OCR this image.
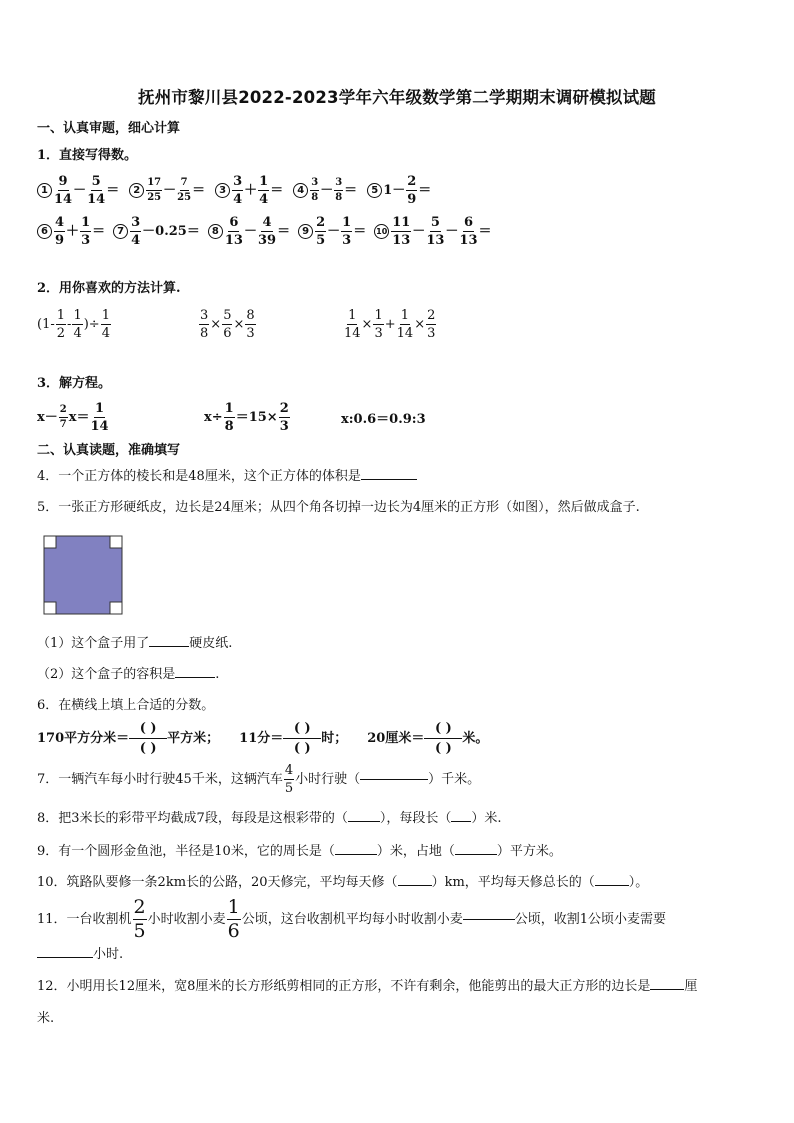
抚州市黎川县2022-2023学年六年级数学第二学期期末调研模拟试题
一、认真审题，细心计算
1．直接写得数。
1
9
14
－
5
14
＝	2
17
25 －
7
25 ＝	3
3
4
＋
1
4
＝	4
3
8 －
3
8 ＝	5 1－
2
9
＝
6
4
9
＋
1
3
＝	7
3
4
－0.25 ＝	8
6
13
－
4
39
＝	9
2
5
－
1
3
＝ 10
11
13
－
5
13
－
6
13
＝
2．用你喜欢的方法计算.
(1-
1
2
-
1
4
)÷ $\frac{1}{4}$	$\frac{3}{8} \times \frac{5}{6} \times \frac{8}{3}$	$\frac{1}{14} \times \frac{1}{3} + \frac{1}{14} \times \frac{2}{3}$
3．解方程。
x－
2
7 x＝
1
14
$x\div \frac{1}{8} =15\times \frac{2}{3}$	x:0.6＝0.9:3
二、认真读题，准确填写
4．一个正方体的棱长和是48厘米，这个正方体的体积是
5．一张正方形硬纸皮，边长是24厘米；从四个角各切掉一边长为4厘米的正方形（如图），然后做成盒子.
（1）这个盒子用了	硬皮纸.
（2）这个盒子的容积是	.
6．在横线上填上合适的分数。
170平方分米＝
( )
( )
平方米； 11分＝
( )
( )
时； 20厘米＝
( )
( )
米。
7．一辆汽车每小时行驶45千米，这辆汽车
4
5
小时行驶（	）千米。
8．把3米长的彩带平均截成7段，每段是这根彩带的（ ），每段长（ ）米.
9．有一个圆形金鱼池，半径是10米，它的周长是（	）米，占地（	）平方米。
10．筑路队要修一条2km长的公路，20天修完，平均每天修（	）km，平均每天修总长的（	）。
11．一台收割机
2
5
小时收割小麦
1
6
公顷，这台收割机平均每小时收割小麦	公顷，收割1公顷小麦需要
小时.
12．小明用长12厘米，宽8厘米的长方形纸剪相同的正方形，不许有剩余，他能剪出的最大正方形的边长是	厘
米.
